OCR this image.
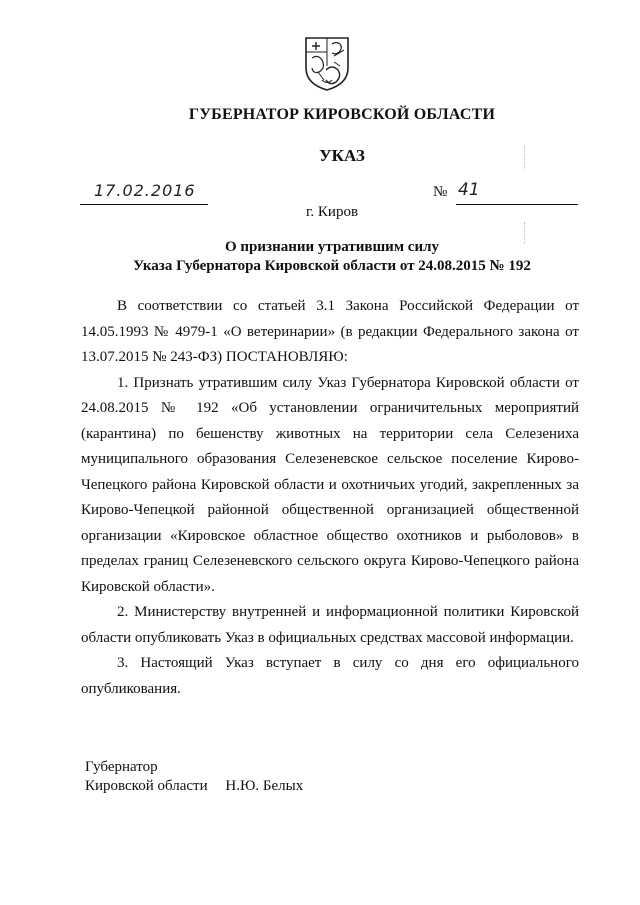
ГУБЕРНАТОР КИРОВСКОЙ ОБЛАСТИ
УКАЗ
17.02.2016	№ 41
г. Киров
О признании утратившим силу
Указа Губернатора Кировской области от 24.08.2015 № 192

В соответствии со статьей 3.1 Закона Российской Федерации от 14.05.1993 № 4979-1 «О ветеринарии» (в редакции Федерального закона от 13.07.2015 № 243-ФЗ) ПОСТАНОВЛЯЮ:

1. Признать утратившим силу Указ Губернатора Кировской области от 24.08.2015 № 192 «Об установлении ограничительных мероприятий (карантина) по бешенству животных на территории села Селезениха муниципального образования Селезеневское сельское поселение Кирово-Чепецкого района Кировской области и охотничьих угодий, закрепленных за Кирово-Чепецкой районной общественной организацией общественной организации «Кировское областное общество охотников и рыболовов» в пределах границ Селезеневского сельского округа Кирово-Чепецкого района Кировской области».

2. Министерству внутренней и информационной политики Кировской области опубликовать Указ в официальных средствах массовой информации.

3. Настоящий Указ вступает в силу со дня его официального опубликования.

Губернатор
Кировской области Н.Ю. Белых
